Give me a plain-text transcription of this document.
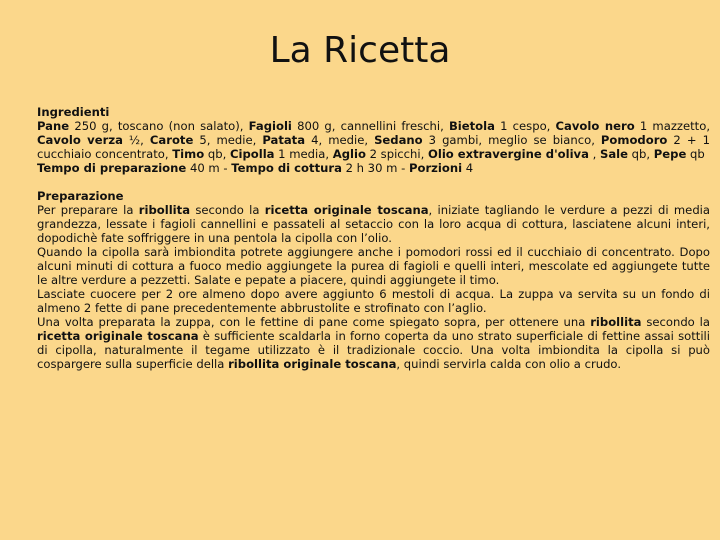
La Ricetta

Ingredienti

Pane 250 g, toscano (non salato), Fagioli 800 g, cannellini freschi, Bietola 1 cespo, Cavolo nero 1 mazzetto, Cavolo verza ½, Carote 5, medie, Patata 4, medie, Sedano 3 gambi, meglio se bianco, Pomodoro 2 + 1 cucchiaio concentrato, Timo qb, Cipolla 1 media, Aglio 2 spicchi, Olio extravergine d'oliva , Sale qb, Pepe qb

Tempo di preparazione 40 m - Tempo di cottura 2 h 30 m - Porzioni 4

Preparazione

Per preparare la ribollita secondo la ricetta originale toscana, iniziate tagliando le verdure a pezzi di media grandezza, lessate i fagioli cannellini e passateli al setaccio con la loro acqua di cottura, lasciatene alcuni interi, dopodichè fate soffriggere in una pentola la cipolla con l’olio.

Quando la cipolla sarà imbiondita potrete aggiungere anche i pomodori rossi ed il cucchiaio di concentrato. Dopo alcuni minuti di cottura a fuoco medio aggiungete la purea di fagioli e quelli interi, mescolate ed aggiungete tutte le altre verdure a pezzetti. Salate e pepate a piacere, quindi aggiungete il timo.

Lasciate cuocere per 2 ore almeno dopo avere aggiunto 6 mestoli di acqua. La zuppa va servita su un fondo di almeno 2 fette di pane precedentemente abbrustolite e strofinato con l’aglio.

Una volta preparata la zuppa, con le fettine di pane come spiegato sopra, per ottenere una ribollita secondo la ricetta originale toscana è sufficiente scaldarla in forno coperta da uno strato superficiale di fettine assai sottili di cipolla, naturalmente il tegame utilizzato è il tradizionale coccio. Una volta imbiondita la cipolla si può cospargere sulla superficie della ribollita originale toscana, quindi servirla calda con olio a crudo.
